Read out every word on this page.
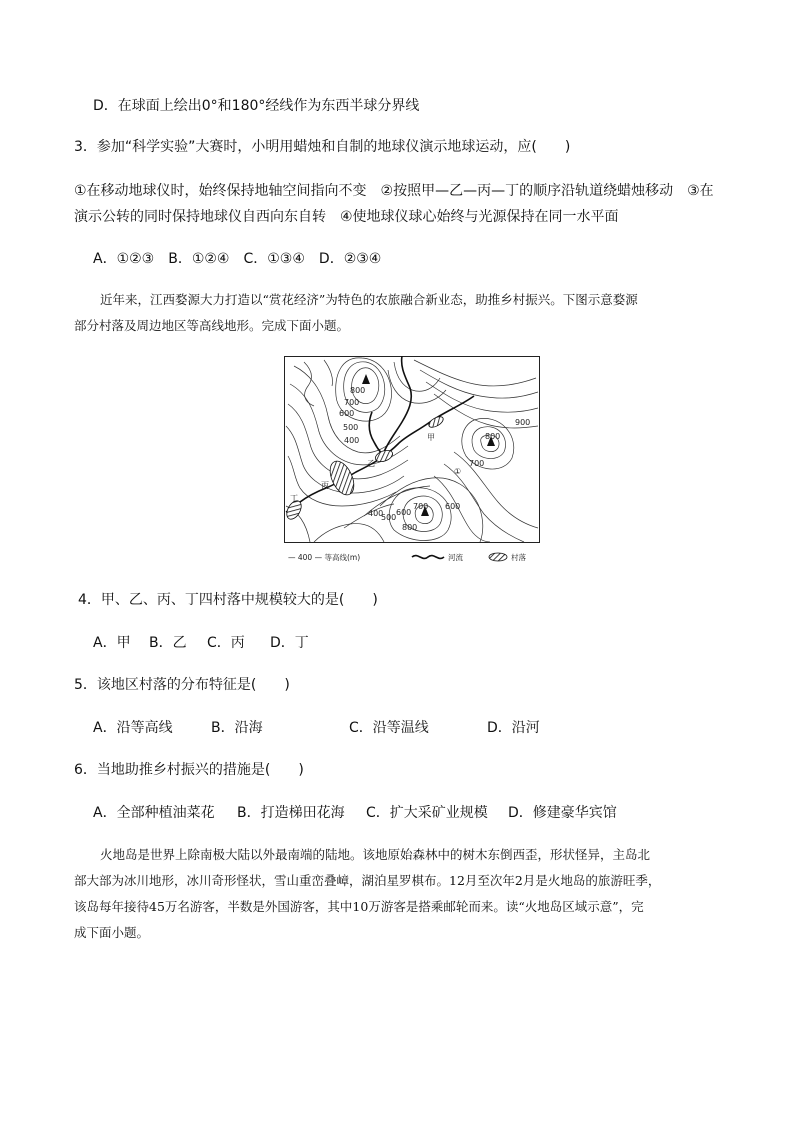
D．在球面上绘出0°和180°经线作为东西半球分界线
3．参加“科学实验”大赛时，小明用蜡烛和自制的地球仪演示地球运动，应(　　)
①在移动地球仪时，始终保持地轴空间指向不变　②按照甲—乙—丙—丁的顺序沿轨道绕蜡烛移动　③在
演示公转的同时保持地球仪自西向东自转　④使地球仪球心始终与光源保持在同一水平面
A．①②③　B．①②④　C．①③④　D．②③④
近年来，江西婺源大力打造以“赏花经济”为特色的农旅融合新业态，助推乡村振兴。下图示意婺源
部分村落及周边地区等高线地形。完成下面小题。
800
700
600
500
400	800
700
900
400
500
600
700 600
800
甲
乙
丙
丁
①
— 400 — 等高线(m)	河流	村落
4．甲、乙、丙、丁四村落中规模较大的是(　　)
A．甲 B．乙 C．丙 D．丁
5．该地区村落的分布特征是(　　)
A．沿等高线	B．沿海	C．沿等温线	D．沿河
6．当地助推乡村振兴的措施是(　　)
A．全部种植油菜花 B．打造梯田花海 C．扩大采矿业规模 D．修建豪华宾馆
火地岛是世界上除南极大陆以外最南端的陆地。该地原始森林中的树木东倒西歪，形状怪异，主岛北
部大部为冰川地形，冰川奇形怪状，雪山重峦叠嶂，湖泊星罗棋布。12月至次年2月是火地岛的旅游旺季，
该岛每年接待45万名游客，半数是外国游客，其中10万游客是搭乘邮轮而来。读“火地岛区域示意”，完
成下面小题。
